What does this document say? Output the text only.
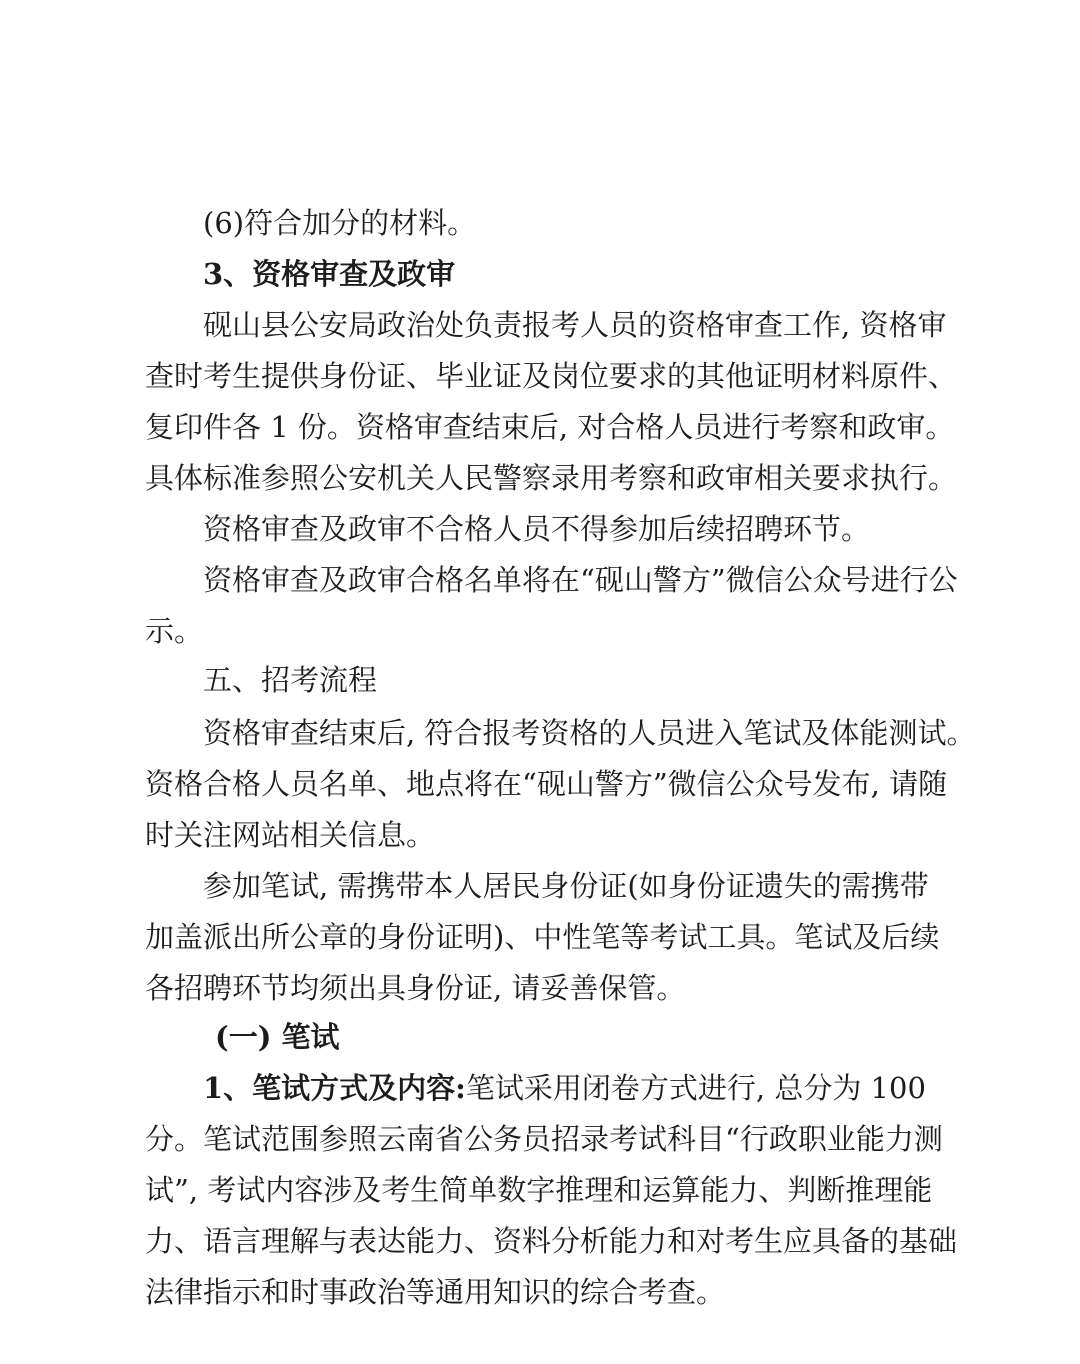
(6)符合加分的材料。
3、资格审查及政审
砚山县公安局政治处负责报考人员的资格审查工作, 资格审
查时考生提供身份证、毕业证及岗位要求的其他证明材料原件、
复印件各 1 份。资格审查结束后, 对合格人员进行考察和政审。
具体标准参照公安机关人民警察录用考察和政审相关要求执行。
资格审查及政审不合格人员不得参加后续招聘环节。
资格审查及政审合格名单将在“砚山警方”微信公众号进行公
示。
五、招考流程
资格审查结束后, 符合报考资格的人员进入笔试及体能测试。
资格合格人员名单、地点将在“砚山警方”微信公众号发布, 请随
时关注网站相关信息。
参加笔试, 需携带本人居民身份证(如身份证遗失的需携带
加盖派出所公章的身份证明)、中性笔等考试工具。笔试及后续
各招聘环节均须出具身份证, 请妥善保管。
(一) 笔试
1、笔试方式及内容:笔试采用闭卷方式进行, 总分为 100
分。笔试范围参照云南省公务员招录考试科目“行政职业能力测
试”, 考试内容涉及考生简单数字推理和运算能力、判断推理能
力、语言理解与表达能力、资料分析能力和对考生应具备的基础
法律指示和时事政治等通用知识的综合考查。
